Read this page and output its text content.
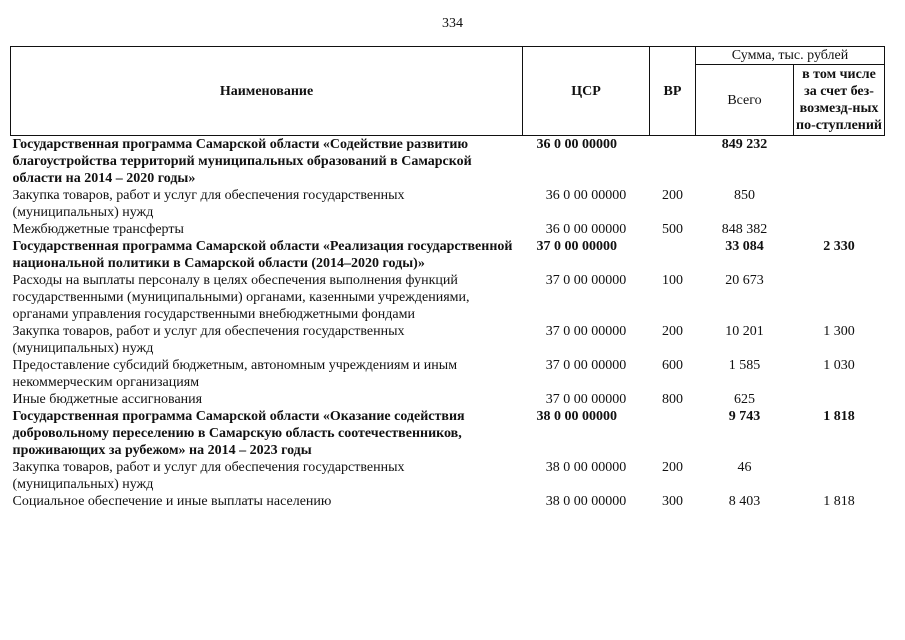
334
Наименование	ЦСР	ВР	Сумма, тыс. рублей	
			Всего	в том числе за счет без-возмезд-ных по-ступлений
Государственная программа Самарской области «Содействие развитию благоустройства территорий муниципальных образований в Самарской области на 2014 – 2020 годы»	36 0 00 00000		849 232	
Закупка товаров, работ и услуг для обеспечения государственных (муниципальных) нужд	36 0 00 00000	200	850	
Межбюджетные трансферты	36 0 00 00000	500	848 382	
Государственная программа Самарской области «Реализация государственной национальной политики в Самарской области (2014–2020 годы)»	37 0 00 00000		33 084	2 330
Расходы на выплаты персоналу в целях обеспечения выполнения функций государственными (муниципальными) органами, казенными учреждениями, органами управления государственными внебюджетными фондами	37 0 00 00000	100	20 673	
Закупка товаров, работ и услуг для обеспечения государственных (муниципальных) нужд	37 0 00 00000	200	10 201	1 300
Предоставление субсидий бюджетным, автономным учреждениям и иным некоммерческим организациям	37 0 00 00000	600	1 585	1 030
Иные бюджетные ассигнования	37 0 00 00000	800	625	
Государственная программа Самарской области «Оказание содействия добровольному переселению в Самарскую область соотечественников, проживающих за рубежом» на 2014 – 2023 годы	38 0 00 00000		9 743	1 818
Закупка товаров, работ и услуг для обеспечения государственных (муниципальных) нужд	38 0 00 00000	200	46	
Социальное обеспечение и иные выплаты населению	38 0 00 00000	300	8 403	1 818
